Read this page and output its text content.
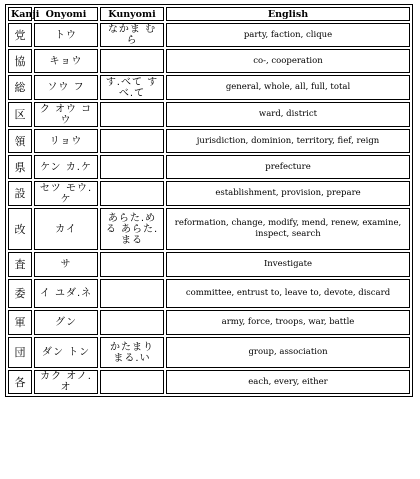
Kanji	Onyomi	Kunyomi	English
党	トウ	なかま むら	party, faction, clique
協	キョウ		co-, cooperation
総	ソウ フ	す.べて すべ.て	general, whole, all, full, total
区	ク オウ コウ		ward, district
領	リョウ		jurisdiction, dominion, territory, fief, reign
県	ケン カ.ケ		prefecture
設	セツ モウ.ケ		establishment, provision, prepare
改	カイ	あらた.める あらた.まる	reformation, change, modify, mend, renew, examine, inspect, search
査	サ		Investigate
委	イ ユダ.ネ		committee, entrust to, leave to, devote, discard
軍	グン		army, force, troops, war, battle
団	ダン トン	かたまり まる.い	group, association
各	カク オノ.オ		each, every, either
